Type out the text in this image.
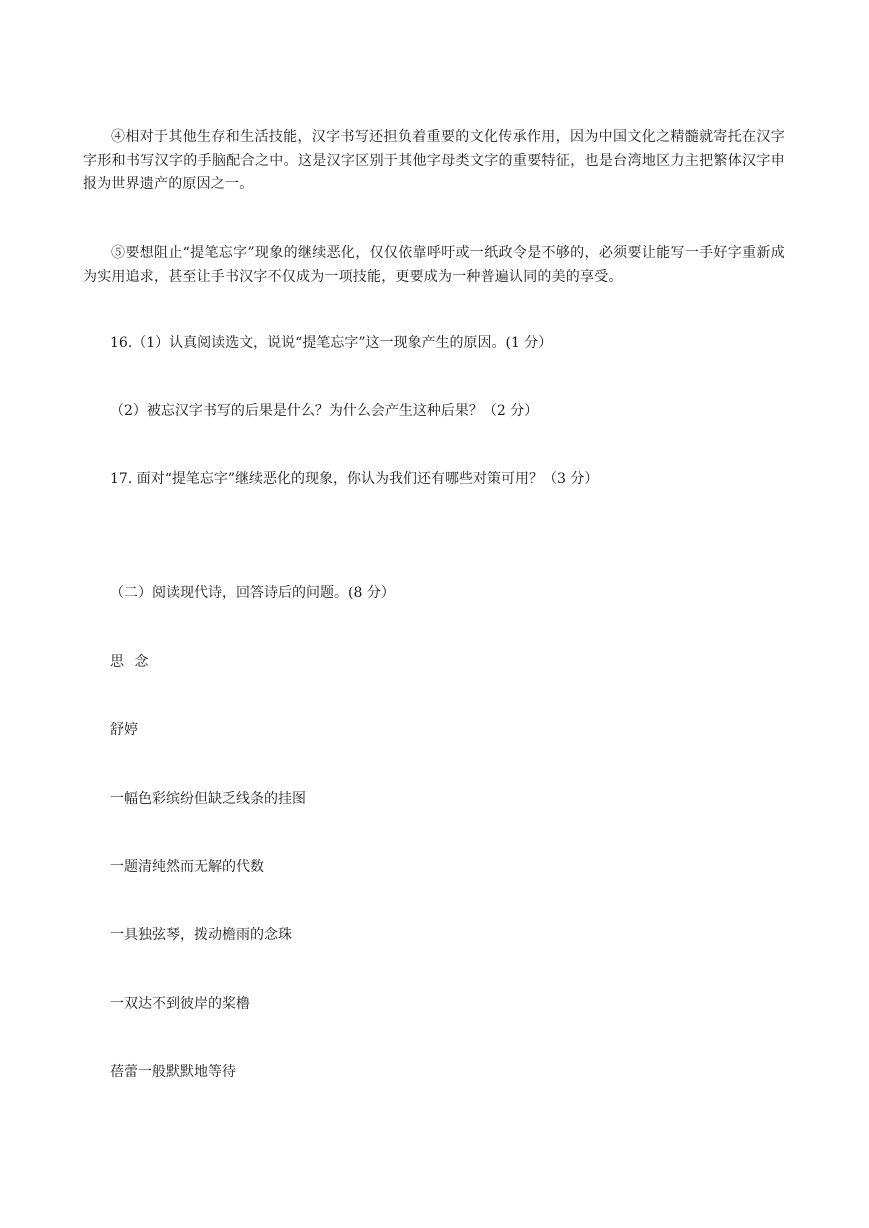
④相对于其他生存和生活技能，汉字书写还担负着重要的文化传承作用，因为中国文化之精髓就寄托在汉字字形和书写汉字的手脑配合之中。这是汉字区别于其他字母类文字的重要特征，也是台湾地区力主把繁体汉字申报为世界遗产的原因之一。

⑤要想阻止“提笔忘字”现象的继续恶化，仅仅依靠呼吁或一纸政令是不够的，必须要让能写一手好字重新成为实用追求，甚至让手书汉字不仅成为一项技能，更要成为一种普遍认同的美的享受。

16.（1）认真阅读选文，说说“提笔忘字”这一现象产生的原因。(1 分）

（2）被忘汉字书写的后果是什么？为什么会产生这种后果？（2 分）

17. 面对“提笔忘字”继续恶化的现象，你认为我们还有哪些对策可用？（3 分）

（二）阅读现代诗，回答诗后的问题。(8 分）

思 念

舒婷

一幅色彩缤纷但缺乏线条的挂图

一题清纯然而无解的代数

一具独弦琴，拨动檐雨的念珠

一双达不到彼岸的桨橹

蓓蕾一般默默地等待
